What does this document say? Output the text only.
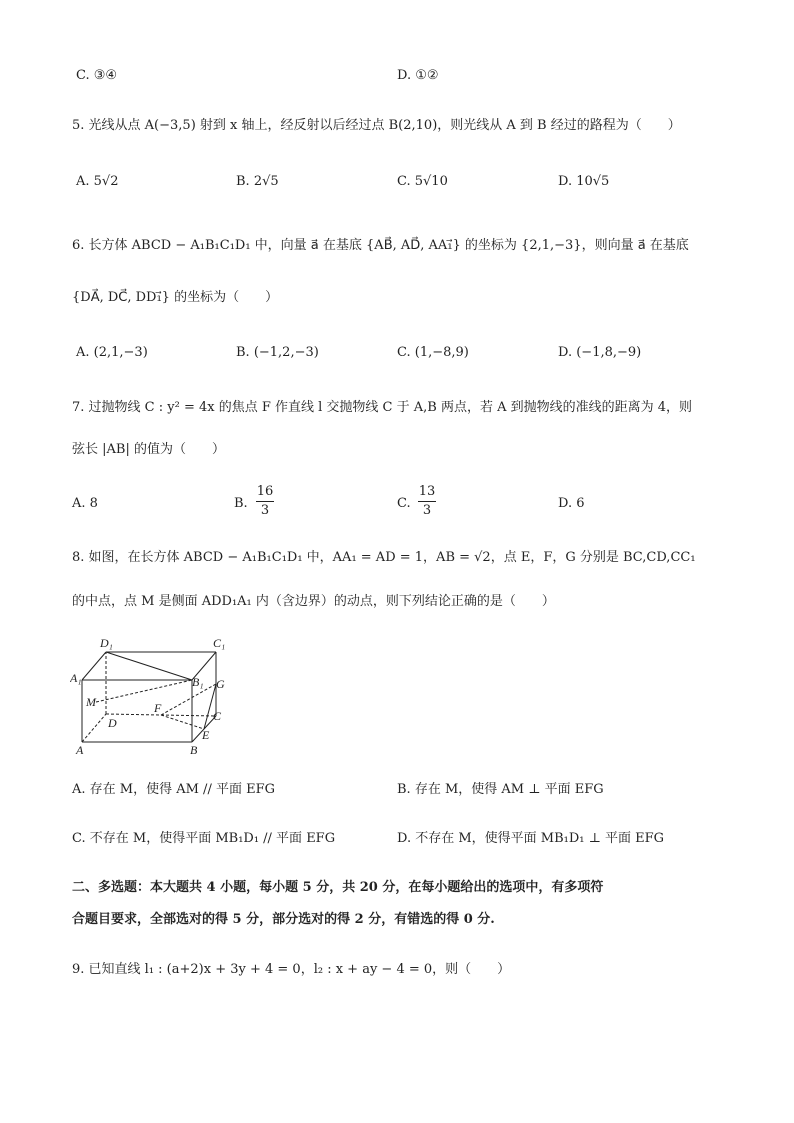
C. ③④	D. ①②
5. 光线从点 A(−3,5) 射到 x 轴上，经反射以后经过点 B(2,10)，则光线从 A 到 B 经过的路程为（　　）
A. 5√2	B. 2√5	C. 5√10	D. 10√5
6. 长方体 ABCD − A₁B₁C₁D₁ 中，向量 a⃗ 在基底 {AB⃗, AD⃗, AA₁⃗} 的坐标为 {2,1,−3}，则向量 a⃗ 在基底
{DA⃗, DC⃗, DD₁⃗} 的坐标为（　　）
A. (2,1,−3)	B. (−1,2,−3)	C. (1,−8,9)	D. (−1,8,−9)
7. 过抛物线 C : y² = 4x 的焦点 F 作直线 l 交抛物线 C 于 A,B 两点，若 A 到抛物线的准线的距离为 4，则
弦长 |AB| 的值为（　　）
A. 8	B.
16
3	C.
13
3	D. 6
8. 如图，在长方体 ABCD − A₁B₁C₁D₁ 中，AA₁ = AD = 1，AB = √2，点 E，F，G 分别是 BC,CD,CC₁
的中点，点 M 是侧面 ADD₁A₁ 内（含边界）的动点，则下列结论正确的是（　　）
D₁	C₁
A₁	B₁ G
M	F
D	C
E
A	B
A. 存在 M，使得 AM // 平面 EFG	B. 存在 M，使得 AM ⊥ 平面 EFG
C. 不存在 M，使得平面 MB₁D₁ // 平面 EFG	D. 不存在 M，使得平面 MB₁D₁ ⊥ 平面 EFG
二、多选题：本大题共 4 小题，每小题 5 分，共 20 分，在每小题给出的选项中，有多项符
合题目要求，全部选对的得 5 分，部分选对的得 2 分，有错选的得 0 分.
9. 已知直线 l₁ : (a+2)x + 3y + 4 = 0，l₂ : x + ay − 4 = 0，则（　　）
